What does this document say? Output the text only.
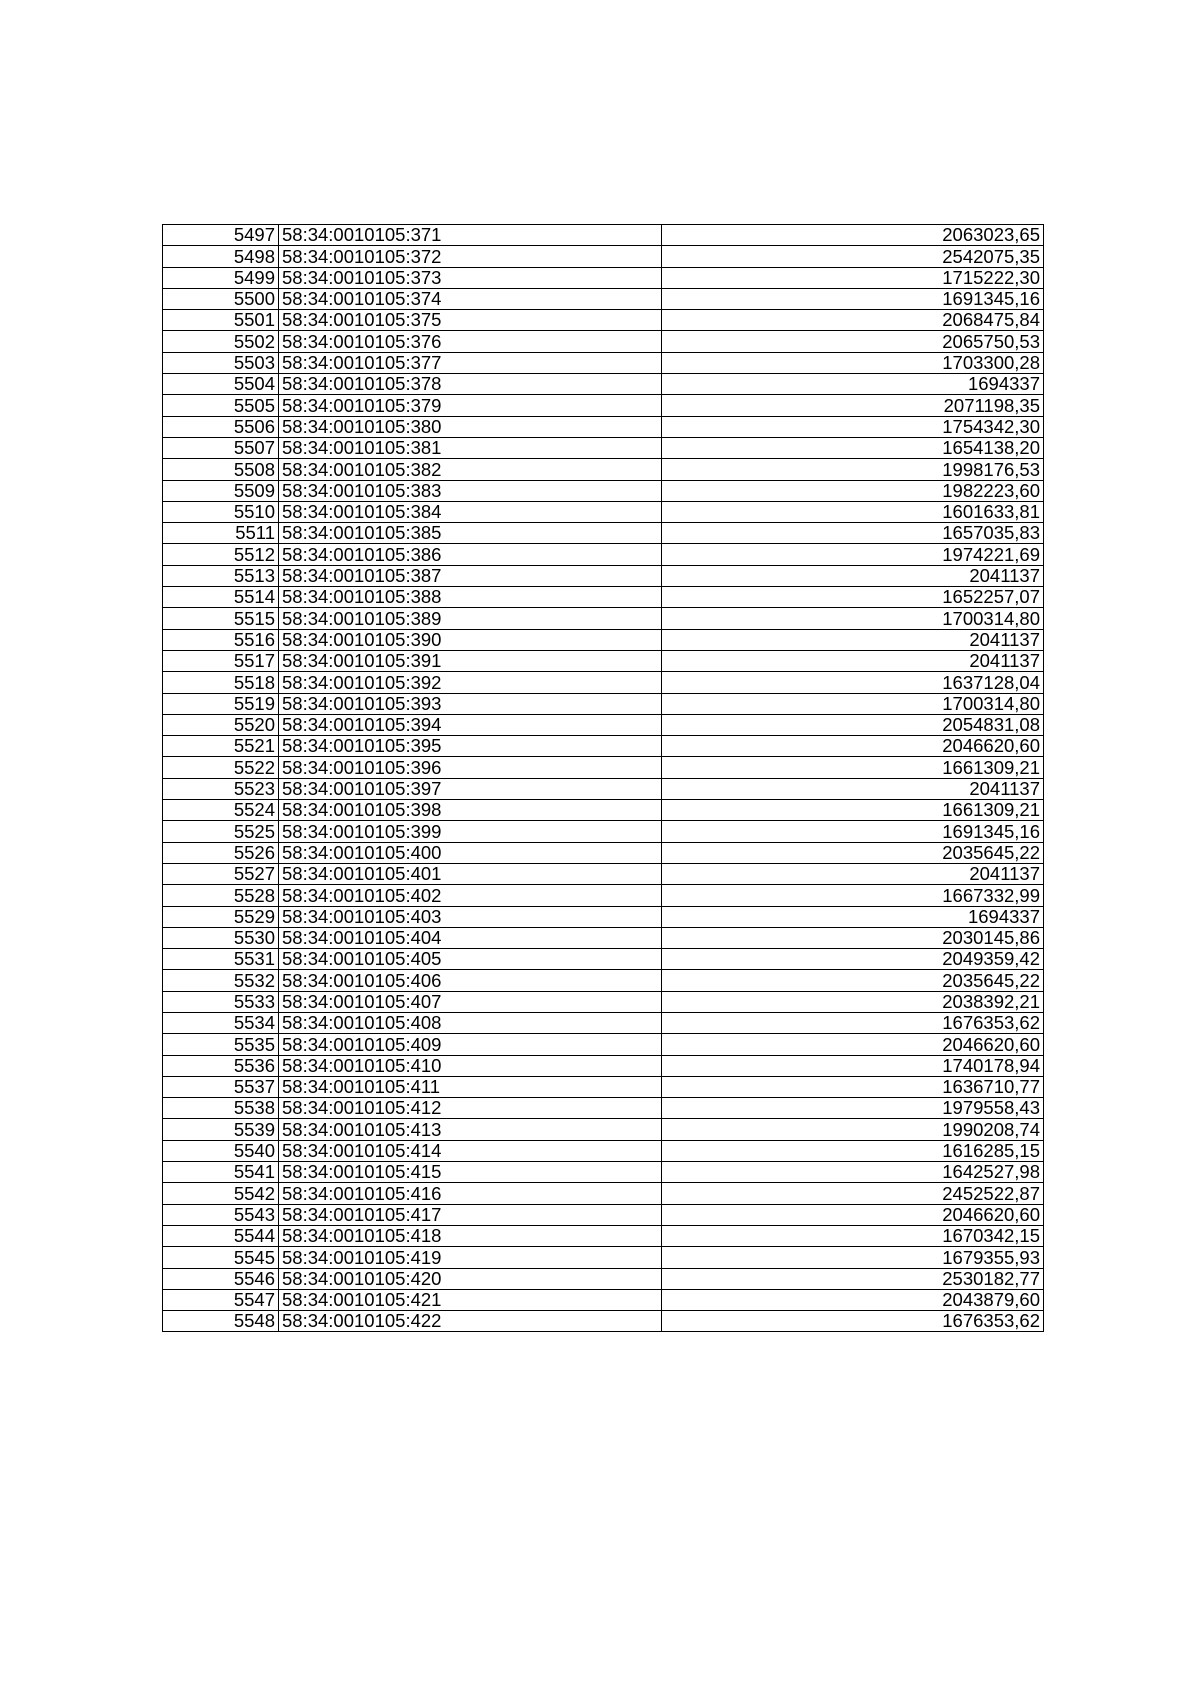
5497	58:34:0010105:371	2063023,65
5498	58:34:0010105:372	2542075,35
5499	58:34:0010105:373	1715222,30
5500	58:34:0010105:374	1691345,16
5501	58:34:0010105:375	2068475,84
5502	58:34:0010105:376	2065750,53
5503	58:34:0010105:377	1703300,28
5504	58:34:0010105:378	1694337
5505	58:34:0010105:379	2071198,35
5506	58:34:0010105:380	1754342,30
5507	58:34:0010105:381	1654138,20
5508	58:34:0010105:382	1998176,53
5509	58:34:0010105:383	1982223,60
5510	58:34:0010105:384	1601633,81
5511	58:34:0010105:385	1657035,83
5512	58:34:0010105:386	1974221,69
5513	58:34:0010105:387	2041137
5514	58:34:0010105:388	1652257,07
5515	58:34:0010105:389	1700314,80
5516	58:34:0010105:390	2041137
5517	58:34:0010105:391	2041137
5518	58:34:0010105:392	1637128,04
5519	58:34:0010105:393	1700314,80
5520	58:34:0010105:394	2054831,08
5521	58:34:0010105:395	2046620,60
5522	58:34:0010105:396	1661309,21
5523	58:34:0010105:397	2041137
5524	58:34:0010105:398	1661309,21
5525	58:34:0010105:399	1691345,16
5526	58:34:0010105:400	2035645,22
5527	58:34:0010105:401	2041137
5528	58:34:0010105:402	1667332,99
5529	58:34:0010105:403	1694337
5530	58:34:0010105:404	2030145,86
5531	58:34:0010105:405	2049359,42
5532	58:34:0010105:406	2035645,22
5533	58:34:0010105:407	2038392,21
5534	58:34:0010105:408	1676353,62
5535	58:34:0010105:409	2046620,60
5536	58:34:0010105:410	1740178,94
5537	58:34:0010105:411	1636710,77
5538	58:34:0010105:412	1979558,43
5539	58:34:0010105:413	1990208,74
5540	58:34:0010105:414	1616285,15
5541	58:34:0010105:415	1642527,98
5542	58:34:0010105:416	2452522,87
5543	58:34:0010105:417	2046620,60
5544	58:34:0010105:418	1670342,15
5545	58:34:0010105:419	1679355,93
5546	58:34:0010105:420	2530182,77
5547	58:34:0010105:421	2043879,60
5548	58:34:0010105:422	1676353,62
